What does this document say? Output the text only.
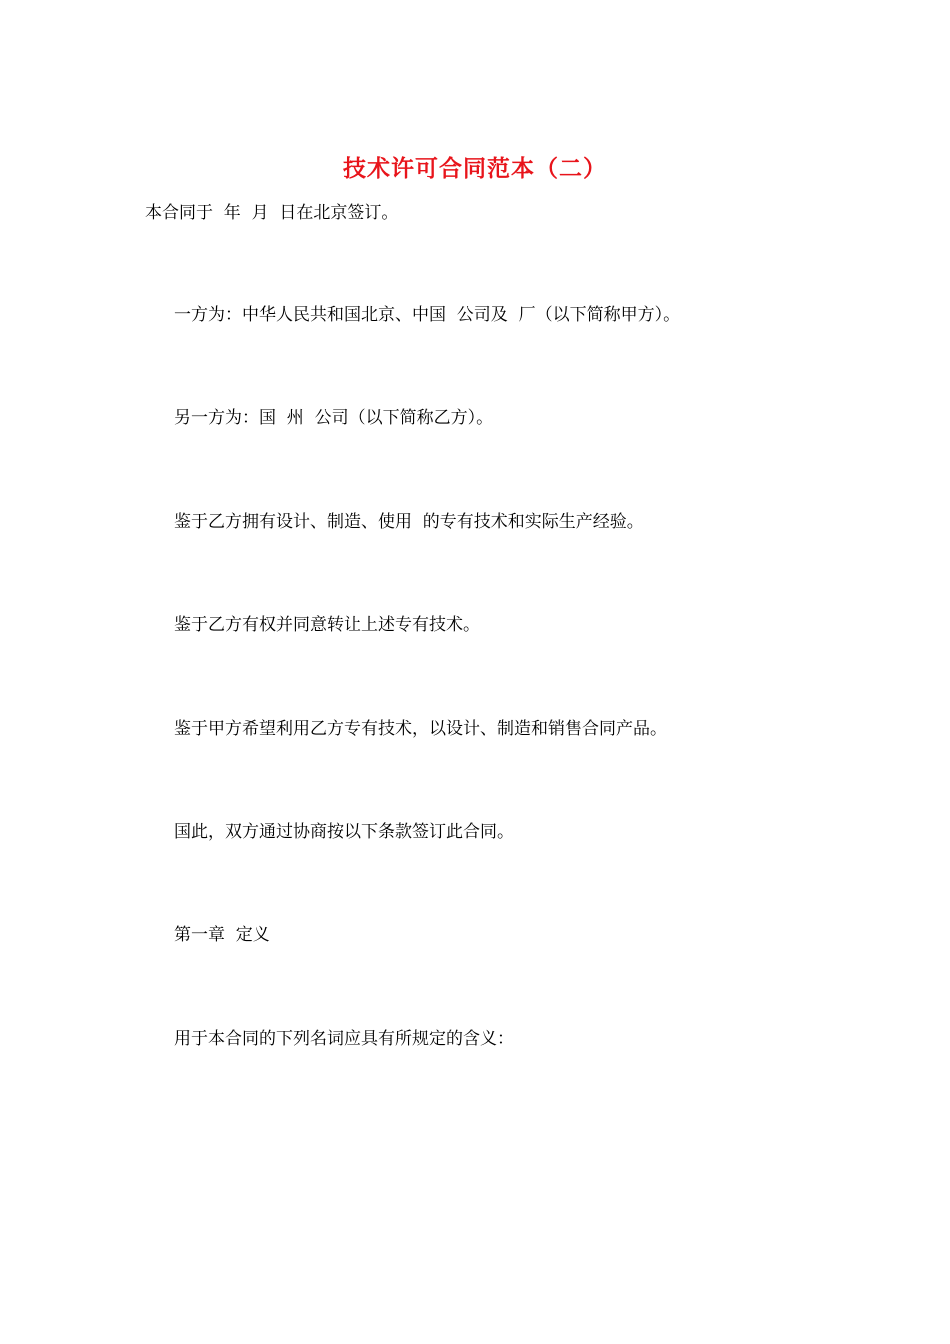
技术许可合同范本（二）

本合同于  年  月  日在北京签订。

一方为：中华人民共和国北京、中国  公司及  厂（以下简称甲方）。

另一方为：国  州  公司（以下简称乙方）。

鉴于乙方拥有设计、制造、使用  的专有技术和实际生产经验。

鉴于乙方有权并同意转让上述专有技术。

鉴于甲方希望利用乙方专有技术，以设计、制造和销售合同产品。

国此，双方通过协商按以下条款签订此合同。

第一章  定义

用于本合同的下列名词应具有所规定的含义：
